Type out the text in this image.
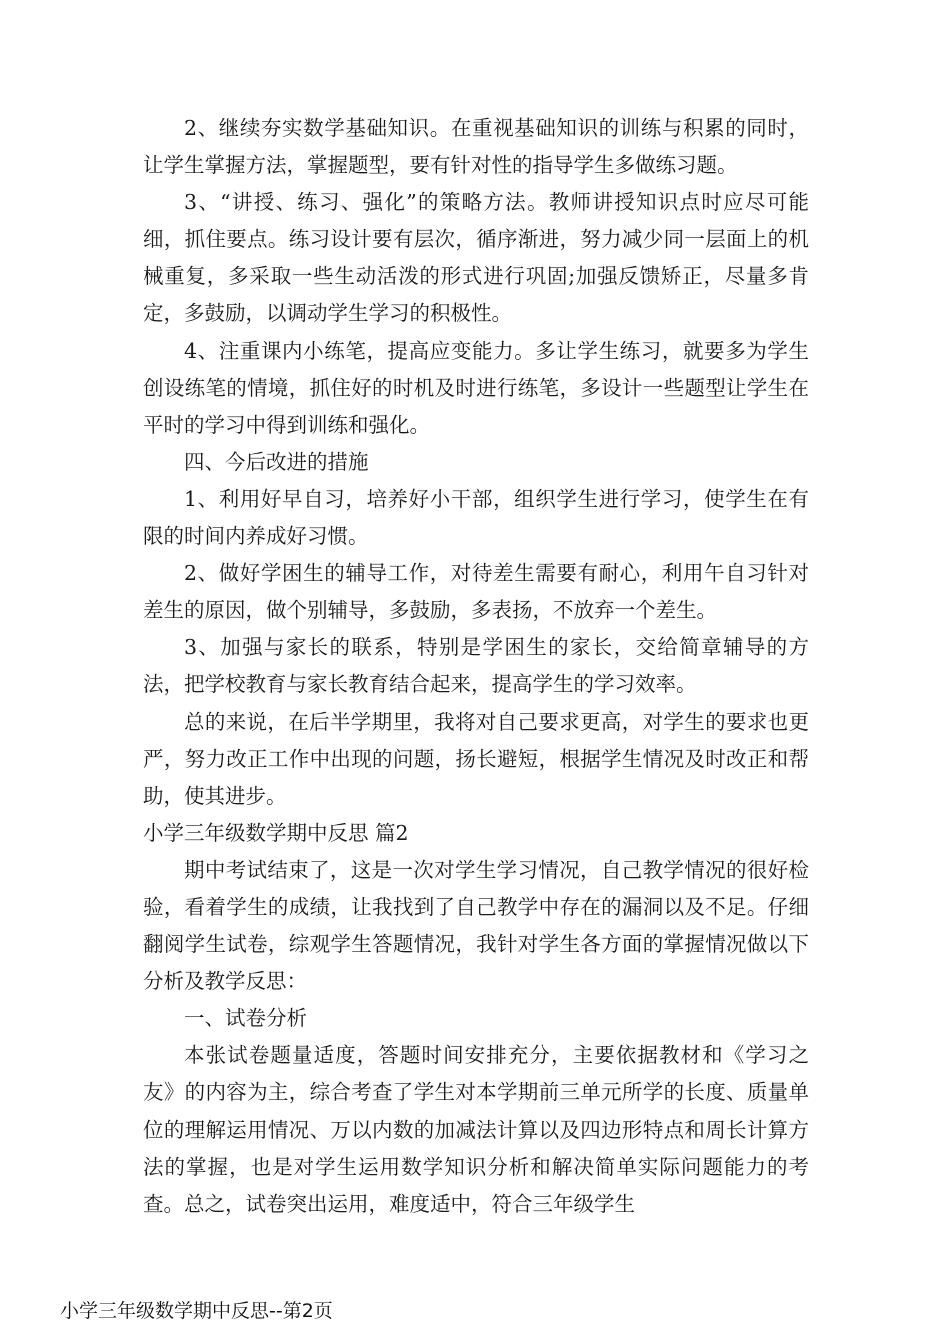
2、继续夯实数学基础知识。在重视基础知识的训练与积累的同时，让学生掌握方法，掌握题型，要有针对性的指导学生多做练习题。

3、“讲授、练习、强化”的策略方法。教师讲授知识点时应尽可能细，抓住要点。练习设计要有层次，循序渐进，努力减少同一层面上的机械重复，多采取一些生动活泼的形式进行巩固;加强反馈矫正，尽量多肯定，多鼓励，以调动学生学习的积极性。

4、注重课内小练笔，提高应变能力。多让学生练习，就要多为学生创设练笔的情境，抓住好的时机及时进行练笔，多设计一些题型让学生在平时的学习中得到训练和强化。

四、今后改进的措施

1、利用好早自习，培养好小干部，组织学生进行学习，使学生在有限的时间内养成好习惯。

2、做好学困生的辅导工作，对待差生需要有耐心，利用午自习针对差生的原因，做个别辅导，多鼓励，多表扬，不放弃一个差生。

3、加强与家长的联系，特别是学困生的家长，交给简章辅导的方法，把学校教育与家长教育结合起来，提高学生的学习效率。

总的来说，在后半学期里，我将对自己要求更高，对学生的要求也更严，努力改正工作中出现的问题，扬长避短，根据学生情况及时改正和帮助，使其进步。

小学三年级数学期中反思 篇2

期中考试结束了，这是一次对学生学习情况，自己教学情况的很好检验，看着学生的成绩，让我找到了自己教学中存在的漏洞以及不足。仔细翻阅学生试卷，综观学生答题情况，我针对学生各方面的掌握情况做以下分析及教学反思：

一、试卷分析

本张试卷题量适度，答题时间安排充分，主要依据教材和《学习之友》的内容为主，综合考查了学生对本学期前三单元所学的长度、质量单位的理解运用情况、万以内数的加减法计算以及四边形特点和周长计算方法的掌握，也是对学生运用数学知识分析和解决简单实际问题能力的考查。总之，试卷突出运用，难度适中，符合三年级学生

小学三年级数学期中反思--第2页
